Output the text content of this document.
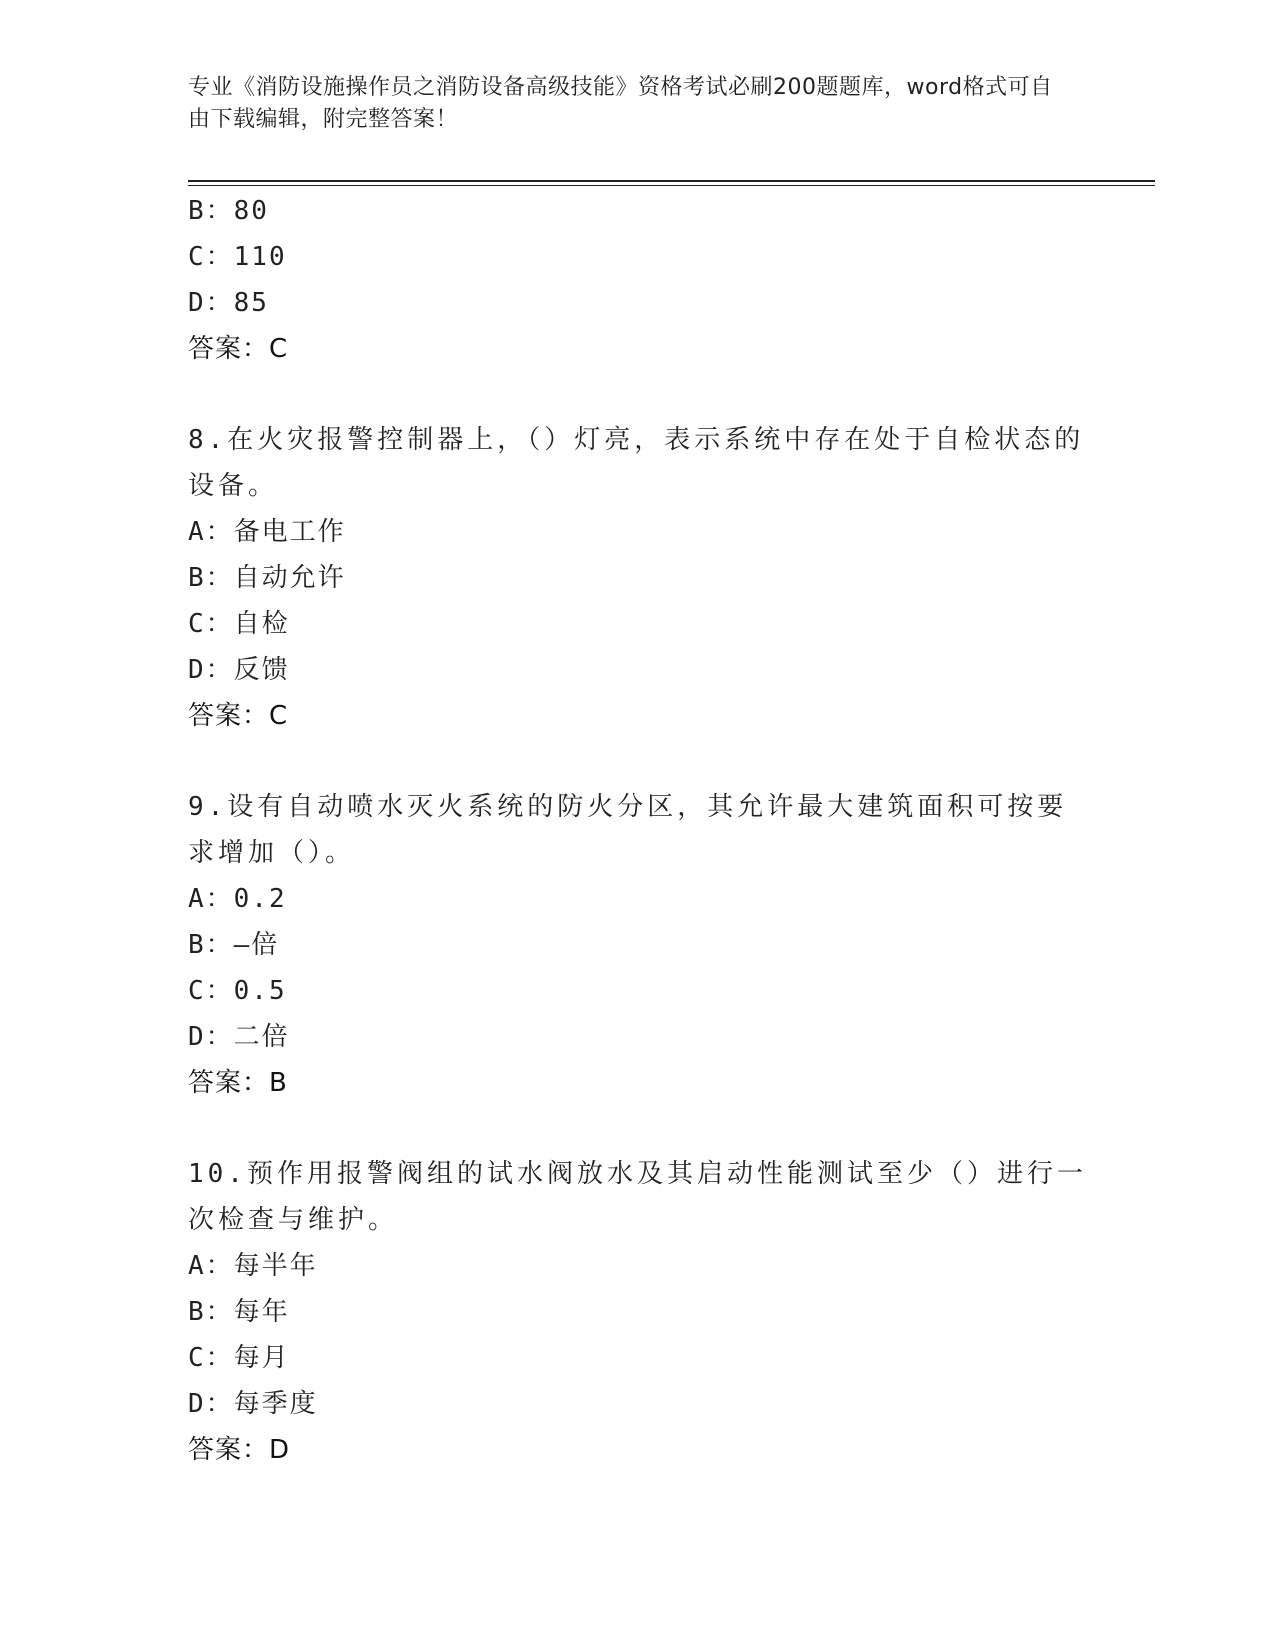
专业《消防设施操作员之消防设备高级技能》资格考试必刷200题题库，word格式可自由下载编辑，附完整答案！
B：80
C：110
D：85
答案：C
8.在火灾报警控制器上，（）灯亮，表示系统中存在处于自检状态的设备。
A：备电工作
B：自动允许
C：自检
D：反馈
答案：C
9.设有自动喷水灭火系统的防火分区，其允许最大建筑面积可按要求增加（）。
A：0.2
B：—倍
C：0.5
D：二倍
答案：B
10.预作用报警阀组的试水阀放水及其启动性能测试至少（）进行一次检查与维护。
A：每半年
B：每年
C：每月
D：每季度
答案：D
